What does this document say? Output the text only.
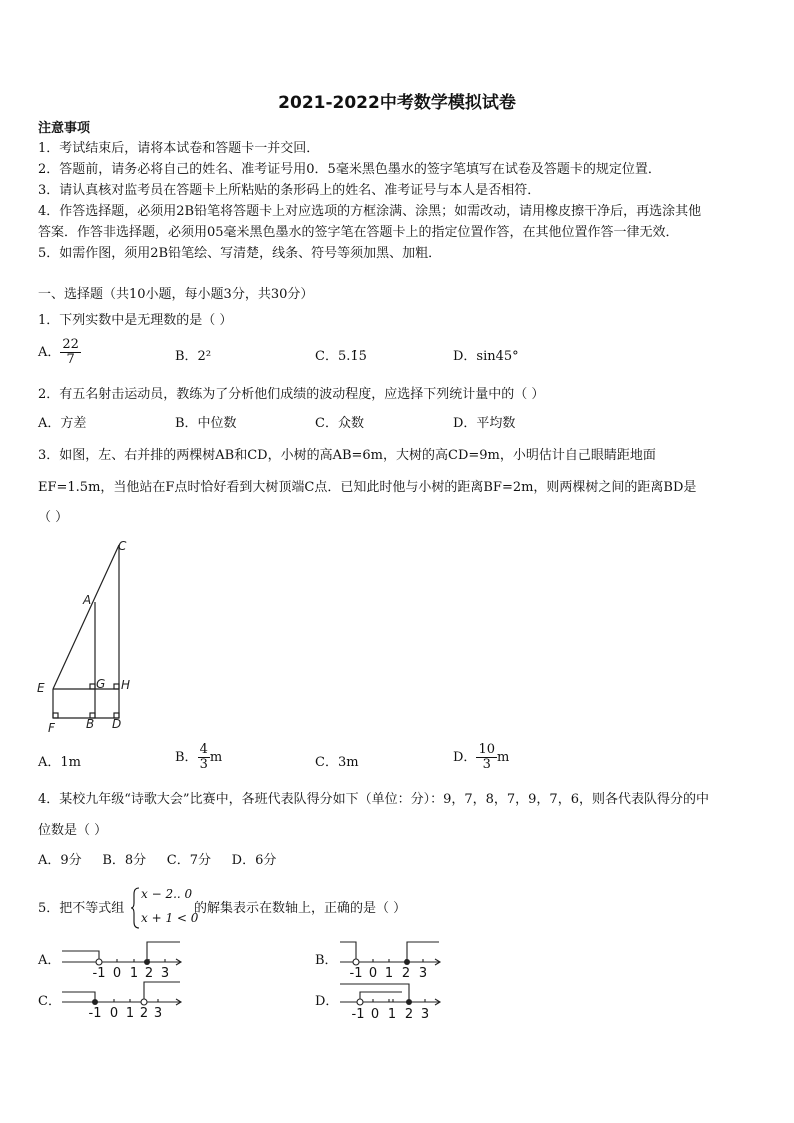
2021-2022中考数学模拟试卷
注意事项
1．考试结束后，请将本试卷和答题卡一并交回．
2．答题前，请务必将自己的姓名、准考证号用0．5毫米黑色墨水的签字笔填写在试卷及答题卡的规定位置．
3．请认真核对监考员在答题卡上所粘贴的条形码上的姓名、准考证号与本人是否相符．
4．作答选择题，必须用2B铅笔将答题卡上对应选项的方框涂满、涂黑；如需改动，请用橡皮擦干净后，再选涂其他
答案．作答非选择题，必须用05毫米黑色墨水的签字笔在答题卡上的指定位置作答，在其他位置作答一律无效．
5．如需作图，须用2B铅笔绘、写清楚，线条、符号等须加黑、加粗．
一、选择题（共10小题，每小题3分，共30分）
1．下列实数中是无理数的是（ ）
A． $\frac{22}{7}$	B．2²	C．5.1̇5̇	D．sin45°
2．有五名射击运动员，教练为了分析他们成绩的波动程度，应选择下列统计量中的（ ）
A．方差	B．中位数	C．众数	D．平均数
3．如图，左、右并排的两棵树AB和CD，小树的高AB=6m，大树的高CD=9m，小明估计自己眼睛距地面
EF=1.5m，当他站在F点时恰好看到大树顶端C点．已知此时他与小树的距离BF=2m，则两棵树之间的距离BD是
（ ）
C
A
E	G H
F	B D
A．1m	B． $\frac{4}{3}$ m	C．3m	D． $\frac{10}{3}$ m
4．某校九年级“诗歌大会”比赛中，各班代表队得分如下（单位：分）：9，7，8，7，9，7，6，则各代表队得分的中
位数是（ ）
A．9分     B．8分     C．7分     D．6分
5．把不等式组
x − 2.. 0
x + 1 < 0
的解集表示在数轴上，正确的是（ ）
A．	B．
C．	D．
-1 0 1 2 3	-1 0 1 2 3
-1 0 1 2 3	-1 0 1 2 3
